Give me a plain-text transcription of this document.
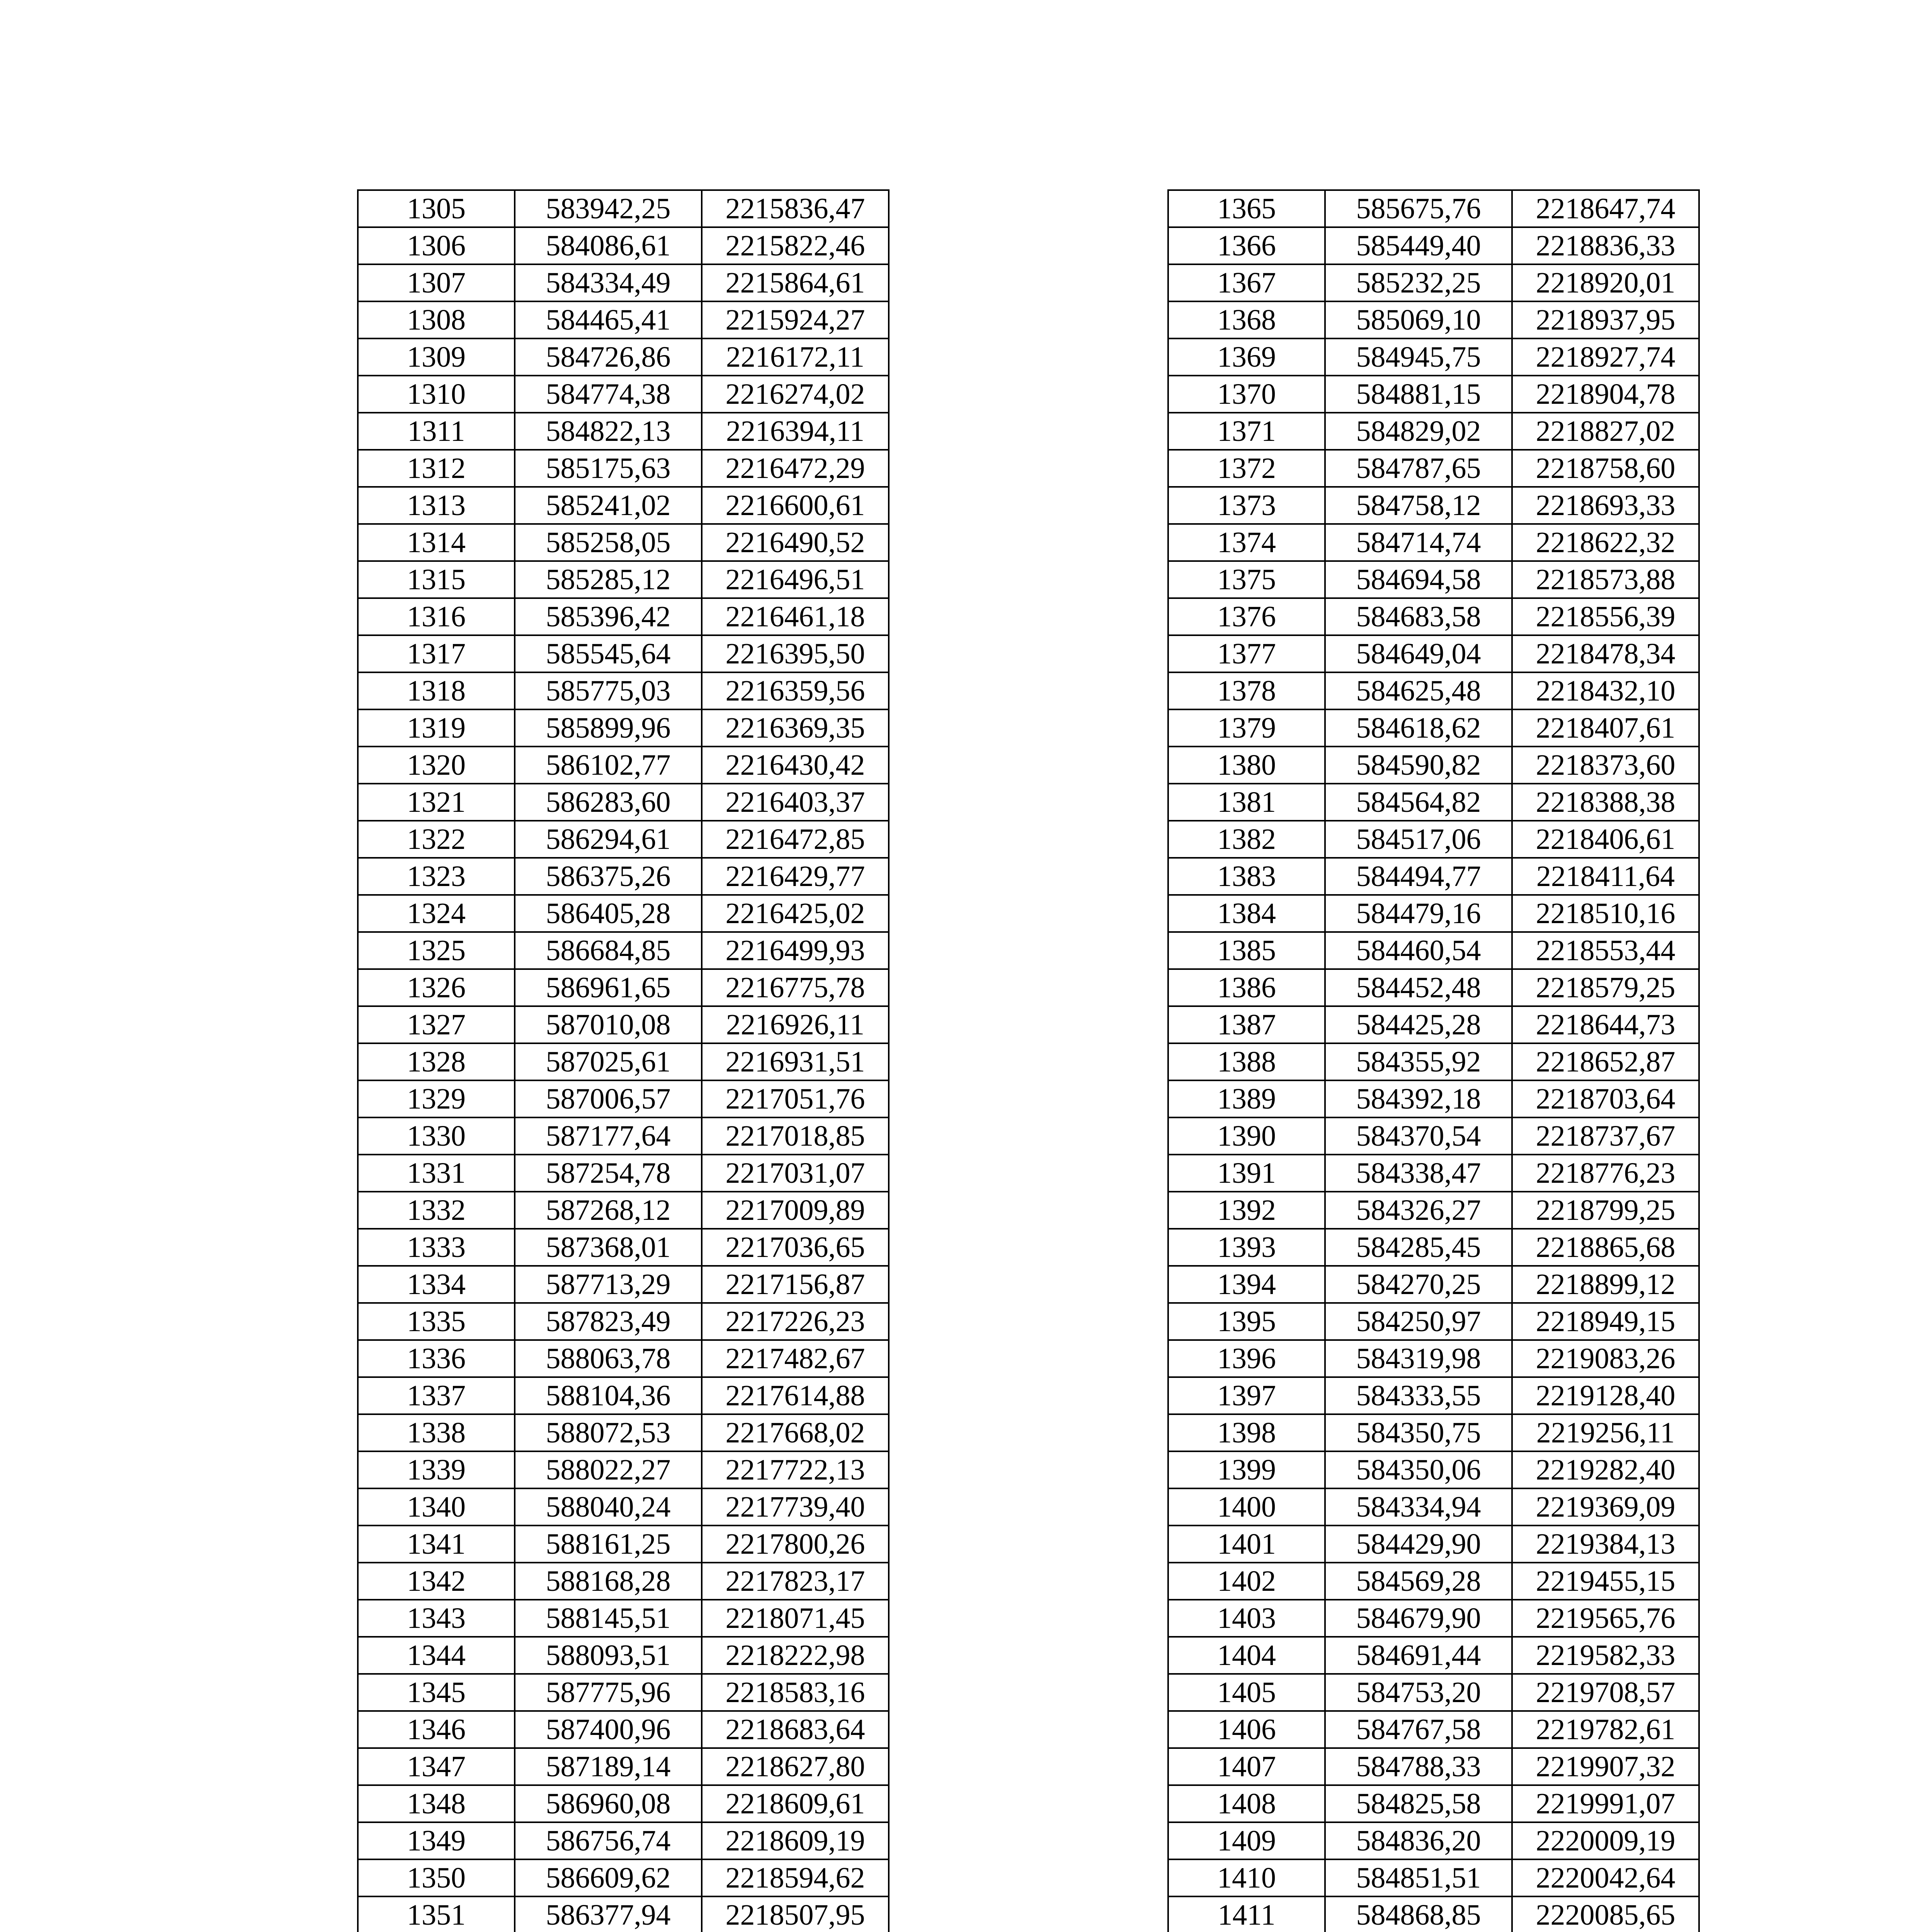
1305	583942,25	2215836,47
1306	584086,61	2215822,46
1307	584334,49	2215864,61
1308	584465,41	2215924,27
1309	584726,86	2216172,11
1310	584774,38	2216274,02
1311	584822,13	2216394,11
1312	585175,63	2216472,29
1313	585241,02	2216600,61
1314	585258,05	2216490,52
1315	585285,12	2216496,51
1316	585396,42	2216461,18
1317	585545,64	2216395,50
1318	585775,03	2216359,56
1319	585899,96	2216369,35
1320	586102,77	2216430,42
1321	586283,60	2216403,37
1322	586294,61	2216472,85
1323	586375,26	2216429,77
1324	586405,28	2216425,02
1325	586684,85	2216499,93
1326	586961,65	2216775,78
1327	587010,08	2216926,11
1328	587025,61	2216931,51
1329	587006,57	2217051,76
1330	587177,64	2217018,85
1331	587254,78	2217031,07
1332	587268,12	2217009,89
1333	587368,01	2217036,65
1334	587713,29	2217156,87
1335	587823,49	2217226,23
1336	588063,78	2217482,67
1337	588104,36	2217614,88
1338	588072,53	2217668,02
1339	588022,27	2217722,13
1340	588040,24	2217739,40
1341	588161,25	2217800,26
1342	588168,28	2217823,17
1343	588145,51	2218071,45
1344	588093,51	2218222,98
1345	587775,96	2218583,16
1346	587400,96	2218683,64
1347	587189,14	2218627,80
1348	586960,08	2218609,61
1349	586756,74	2218609,19
1350	586609,62	2218594,62
1351	586377,94	2218507,95

1365	585675,76	2218647,74
1366	585449,40	2218836,33
1367	585232,25	2218920,01
1368	585069,10	2218937,95
1369	584945,75	2218927,74
1370	584881,15	2218904,78
1371	584829,02	2218827,02
1372	584787,65	2218758,60
1373	584758,12	2218693,33
1374	584714,74	2218622,32
1375	584694,58	2218573,88
1376	584683,58	2218556,39
1377	584649,04	2218478,34
1378	584625,48	2218432,10
1379	584618,62	2218407,61
1380	584590,82	2218373,60
1381	584564,82	2218388,38
1382	584517,06	2218406,61
1383	584494,77	2218411,64
1384	584479,16	2218510,16
1385	584460,54	2218553,44
1386	584452,48	2218579,25
1387	584425,28	2218644,73
1388	584355,92	2218652,87
1389	584392,18	2218703,64
1390	584370,54	2218737,67
1391	584338,47	2218776,23
1392	584326,27	2218799,25
1393	584285,45	2218865,68
1394	584270,25	2218899,12
1395	584250,97	2218949,15
1396	584319,98	2219083,26
1397	584333,55	2219128,40
1398	584350,75	2219256,11
1399	584350,06	2219282,40
1400	584334,94	2219369,09
1401	584429,90	2219384,13
1402	584569,28	2219455,15
1403	584679,90	2219565,76
1404	584691,44	2219582,33
1405	584753,20	2219708,57
1406	584767,58	2219782,61
1407	584788,33	2219907,32
1408	584825,58	2219991,07
1409	584836,20	2220009,19
1410	584851,51	2220042,64
1411	584868,85	2220085,65
